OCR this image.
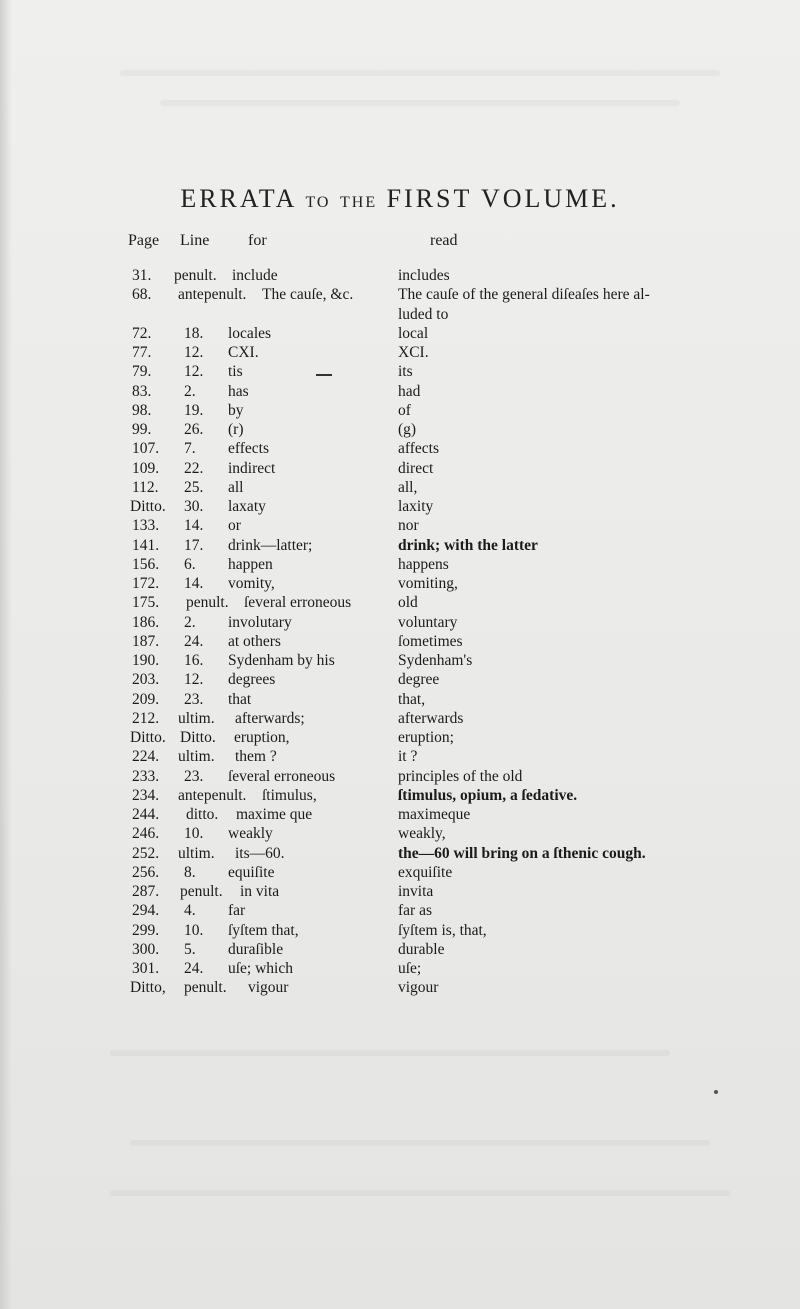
ERRATA TO THE FIRST VOLUME.
Page Line for	read
31. penult. include	includes
68. antepenult. The cauſe, &c.	The cauſe of the general diſeaſes here al-
luded to
72. 18. locales	local
77. 12. CXI.	XCI.
79. 12. tis	its
83. 2. has	had
98. 19. by	of
99. 26. (r)	(g)
107. 7. effects	affects
109. 22. indirect	direct
112. 25. all	all,
Ditto. 30. laxaty	laxity
133. 14. or	nor
141. 17. drink—latter;	drink; with the latter
156. 6. happen	happens
172. 14. vomity,	vomiting,
175. penult. ſeveral erroneous	old
186. 2. involutary	voluntary
187. 24. at others	ſometimes
190. 16. Sydenham by his	Sydenham's
203. 12. degrees	degree
209. 23. that	that,
212. ultim. afterwards;	afterwards
Ditto. Ditto. eruption,	eruption;
224. ultim. them ?	it ?
233. 23. ſeveral erroneous	principles of the old
234. antepenult. ſtimulus,	ſtimulus, opium, a ſedative.
244. ditto. maxime que	maximeque
246. 10. weakly	weakly,
252. ultim. its—60.	the—60 will bring on a ſthenic cough.
256. 8. equiſite	exquiſite
287. penult. in vita	invita
294. 4. far	far as
299. 10. ſyſtem that,	ſyſtem is, that,
300. 5. duraſible	durable
301. 24. uſe; which	uſe;
Ditto, penult. vigour	vigour
